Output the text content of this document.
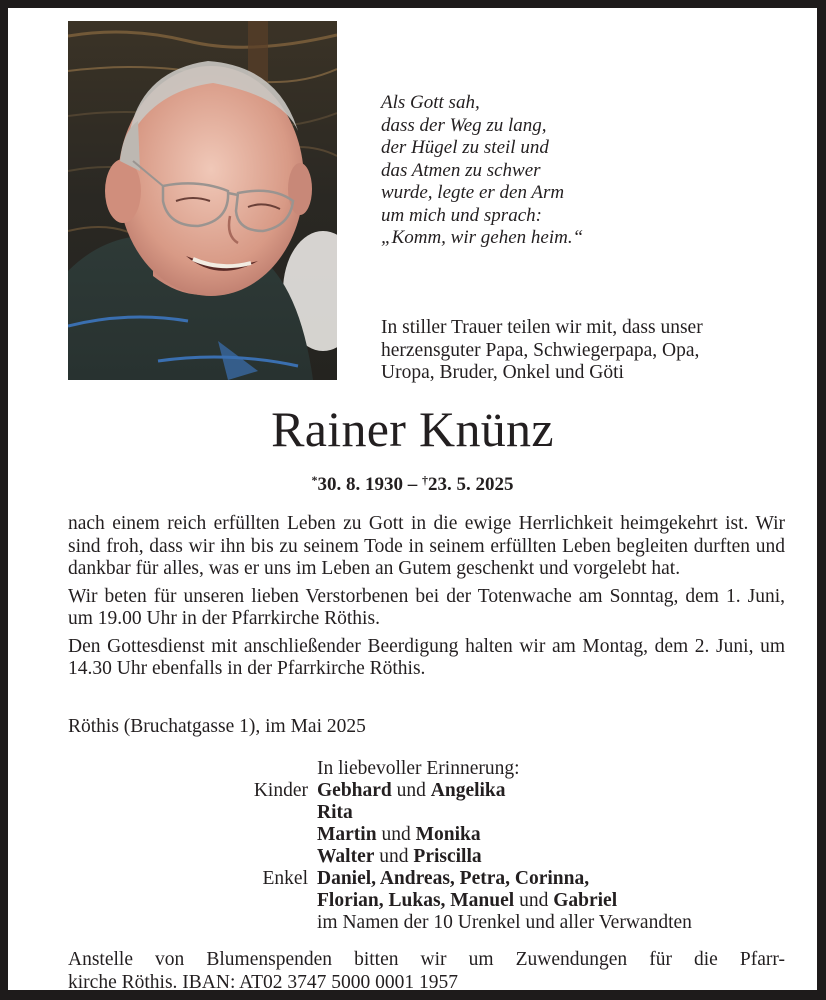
Als Gott sah,
dass der Weg zu lang,
der Hügel zu steil und
das Atmen zu schwer
wurde, legte er den Arm
um mich und sprach:
„Komm, wir gehen heim.“
In stiller Trauer teilen wir mit, dass unser
herzensguter Papa, Schwiegerpapa, Opa,
Uropa, Bruder, Onkel und Göti
Rainer Knünz
*30. 8. 1930 – †23. 5. 2025

nach einem reich erfüllten Leben zu Gott in die ewige Herrlichkeit heimgekehrt ist. Wir sind froh, dass wir ihn bis zu seinem Tode in seinem erfüllten Leben begleiten durften und dankbar für alles, was er uns im Leben an Gutem geschenkt und vorgelebt hat.

Wir beten für unseren lieben Verstorbenen bei der Totenwache am Sonntag, dem 1. Juni, um 19.00 Uhr in der Pfarrkirche Röthis.

Den Gottesdienst mit anschließender Beerdigung halten wir am Montag, dem 2. Juni, um 14.30 Uhr ebenfalls in der Pfarrkirche Röthis.

Röthis (Bruchatgasse 1), im Mai 2025
In liebevoller Erinnerung:
Kinder Gebhard und Angelika
Rita
Martin und Monika
Walter und Priscilla
Enkel Daniel, Andreas, Petra, Corinna,
Florian, Lukas, Manuel und Gabriel
im Namen der 10 Urenkel und aller Verwandten
Anstelle von Blumenspenden bitten wir um Zuwendungen für die Pfarr-
kirche Röthis. IBAN: AT02 3747 5000 0001 1957
